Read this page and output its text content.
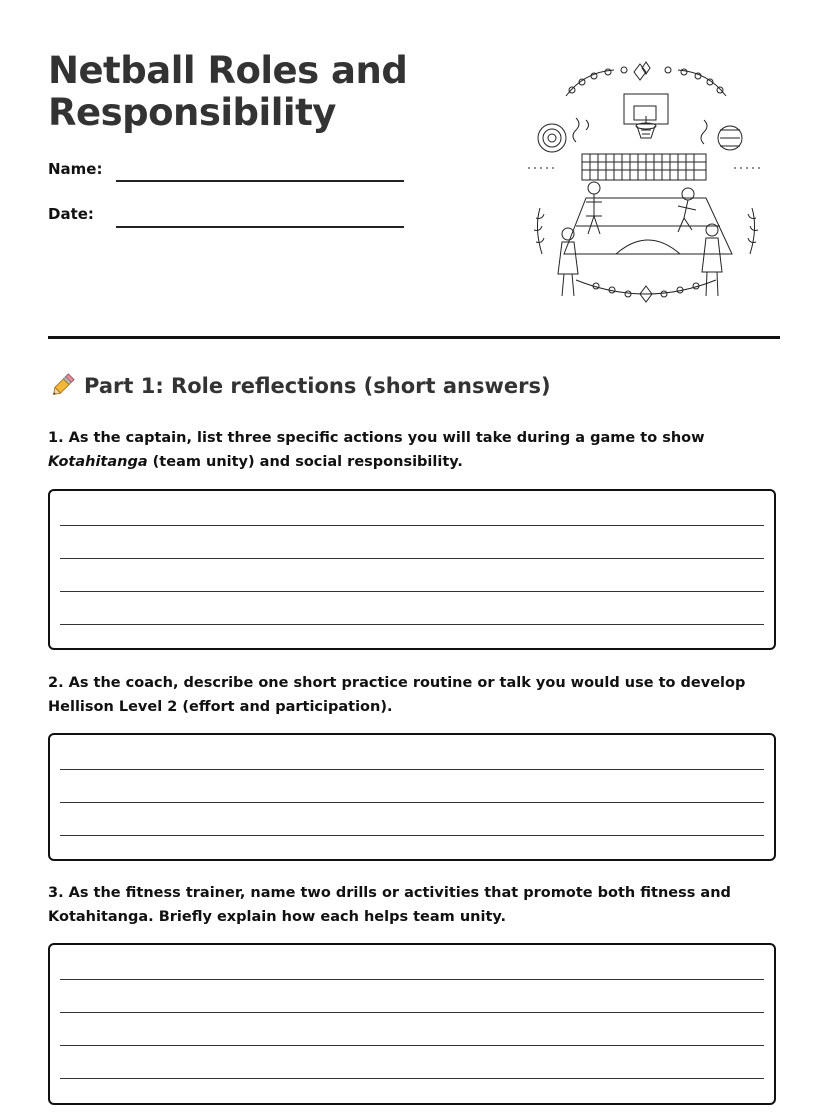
Netball Roles and
Responsibility
Name:
Date:
Part 1: Role reflections (short answers)

1. As the captain, list three specific actions you will take during a game to show Kotahitanga (team unity) and social responsibility.

2. As the coach, describe one short practice routine or talk you would use to develop Hellison Level 2 (effort and participation).

3. As the fitness trainer, name two drills or activities that promote both fitness and Kotahitanga. Briefly explain how each helps team unity.
